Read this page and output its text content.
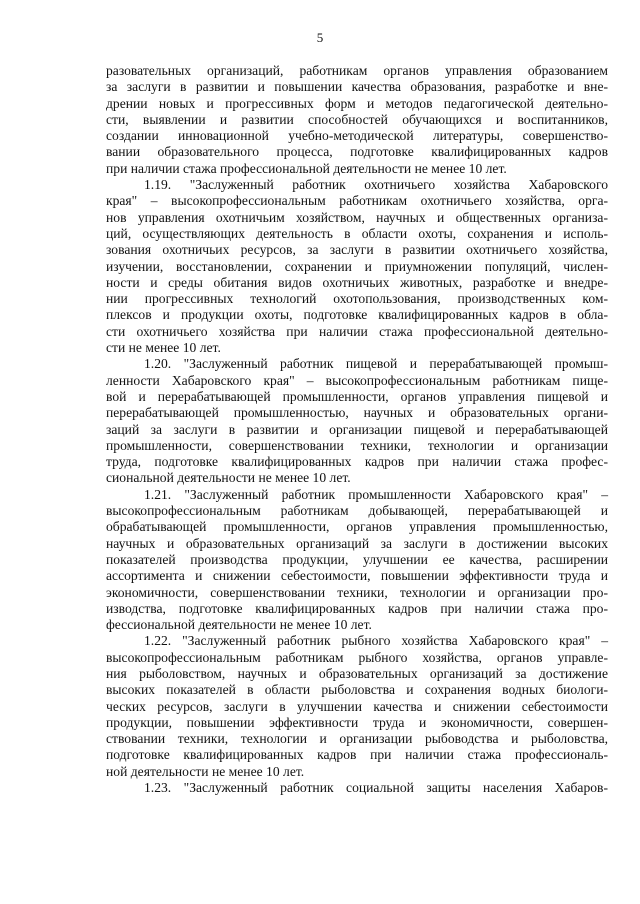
5
разовательных организаций, работникам органов управления образованием
за заслуги в развитии и повышении качества образования, разработке и вне-
дрении новых и прогрессивных форм и методов педагогической деятельно-
сти, выявлении и развитии способностей обучающихся и воспитанников,
создании инновационной учебно-методической литературы, совершенство-
вании образовательного процесса, подготовке квалифицированных кадров
при наличии стажа профессиональной деятельности не менее 10 лет.
1.19. "Заслуженный работник охотничьего хозяйства Хабаровского
края" – высокопрофессиональным работникам охотничьего хозяйства, орга-
нов управления охотничьим хозяйством, научных и общественных организа-
ций, осуществляющих деятельность в области охоты, сохранения и исполь-
зования охотничьих ресурсов, за заслуги в развитии охотничьего хозяйства,
изучении, восстановлении, сохранении и приумножении популяций, числен-
ности и среды обитания видов охотничьих животных, разработке и внедре-
нии прогрессивных технологий охотопользования, производственных ком-
плексов и продукции охоты, подготовке квалифицированных кадров в обла-
сти охотничьего хозяйства при наличии стажа профессиональной деятельно-
сти не менее 10 лет.
1.20. "Заслуженный работник пищевой и перерабатывающей промыш-
ленности Хабаровского края" – высокопрофессиональным работникам пище-
вой и перерабатывающей промышленности, органов управления пищевой и
перерабатывающей промышленностью, научных и образовательных органи-
заций за заслуги в развитии и организации пищевой и перерабатывающей
промышленности, совершенствовании техники, технологии и организации
труда, подготовке квалифицированных кадров при наличии стажа профес-
сиональной деятельности не менее 10 лет.
1.21. "Заслуженный работник промышленности Хабаровского края" –
высокопрофессиональным работникам добывающей, перерабатывающей и
обрабатывающей промышленности, органов управления промышленностью,
научных и образовательных организаций за заслуги в достижении высоких
показателей производства продукции, улучшении ее качества, расширении
ассортимента и снижении себестоимости, повышении эффективности труда и
экономичности, совершенствовании техники, технологии и организации про-
изводства, подготовке квалифицированных кадров при наличии стажа про-
фессиональной деятельности не менее 10 лет.
1.22. "Заслуженный работник рыбного хозяйства Хабаровского края" –
высокопрофессиональным работникам рыбного хозяйства, органов управле-
ния рыболовством, научных и образовательных организаций за достижение
высоких показателей в области рыболовства и сохранения водных биологи-
ческих ресурсов, заслуги в улучшении качества и снижении себестоимости
продукции, повышении эффективности труда и экономичности, совершен-
ствовании техники, технологии и организации рыбоводства и рыболовства,
подготовке квалифицированных кадров при наличии стажа профессиональ-
ной деятельности не менее 10 лет.
1.23. "Заслуженный работник социальной защиты населения Хабаров-
